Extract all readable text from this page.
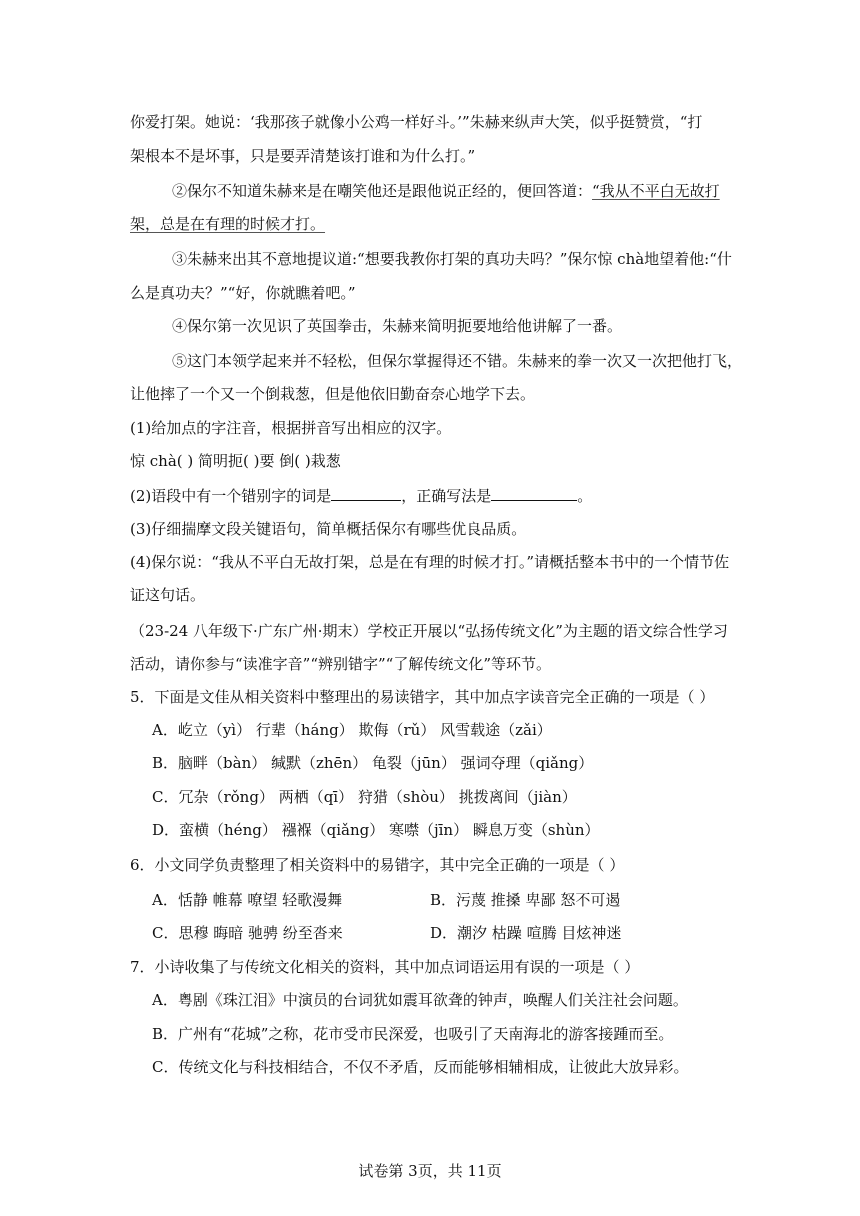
你爱打架。她说：‘我那孩子就像小公鸡一样好斗。’”朱赫来纵声大笑，似乎挺赞赏，“打
架根本不是坏事，只是要弄清楚该打谁和为什么打。”
②保尔不知道朱赫来是在嘲笑他还是跟他说正经的，便回答道：“我从不平白无故打
架，总是在有理的时候才打。
③朱赫来出其不意地提议道:“想要我教你打架的真功夫吗？”保尔惊 chà地望着他:“什
么是真功夫？”“好，你就瞧着吧。”
④保尔第一次见识了英国拳击，朱赫来简明扼要地给他讲解了一番。
⑤这门本领学起来并不轻松，但保尔掌握得还不错。朱赫来的拳一次又一次把他打飞，
让他摔了一个又一个倒栽葱，但是他依旧勤奋奈心地学下去。
(1)给加点的字注音，根据拼音写出相应的汉字。
惊 chà( ) 简明扼( )要 倒( )栽葱
(2)语段中有一个错别字的词是	，正确写法是	。
(3)仔细揣摩文段关键语句，简单概括保尔有哪些优良品质。
(4)保尔说：“我从不平白无故打架，总是在有理的时候才打。”请概括整本书中的一个情节佐
证这句话。
（23-24 八年级下·广东广州·期末）学校正开展以“弘扬传统文化”为主题的语文综合性学习
活动，请你参与“读准字音”“辨别错字”“了解传统文化”等环节。
5．下面是文佳从相关资料中整理出的易读错字，其中加点字读音完全正确的一项是（ ）
A．屹立（yì） 行辈（háng） 欺侮（rǔ） 风雪载途（zǎi）
B．脑畔（bàn） 缄默（zhēn） 龟裂（jūn） 强词夺理（qiǎng）
C．冗杂（rǒng） 两栖（qī） 狩猎（shòu） 挑拨离间（jiàn）
D．蛮横（héng） 襁褓（qiǎng） 寒噤（jīn） 瞬息万变（shùn）
6．小文同学负责整理了相关资料中的易错字，其中完全正确的一项是（ ）
A．恬静 帷幕 嘹望 轻歌漫舞	B．污蔑 推搡 卑鄙 怒不可遏
C．思穆 晦暗 驰骋 纷至沓来	D．潮汐 枯躁 喧腾 目炫神迷
7．小诗收集了与传统文化相关的资料，其中加点词语运用有误的一项是（ ）
A．粤剧《珠江泪》中演员的台词犹如震耳欲聋的钟声，唤醒人们关注社会问题。
B．广州有“花城”之称，花市受市民深爱，也吸引了天南海北的游客接踵而至。
C．传统文化与科技相结合，不仅不矛盾，反而能够相辅相成，让彼此大放异彩。
试卷第 3页，共 11页
